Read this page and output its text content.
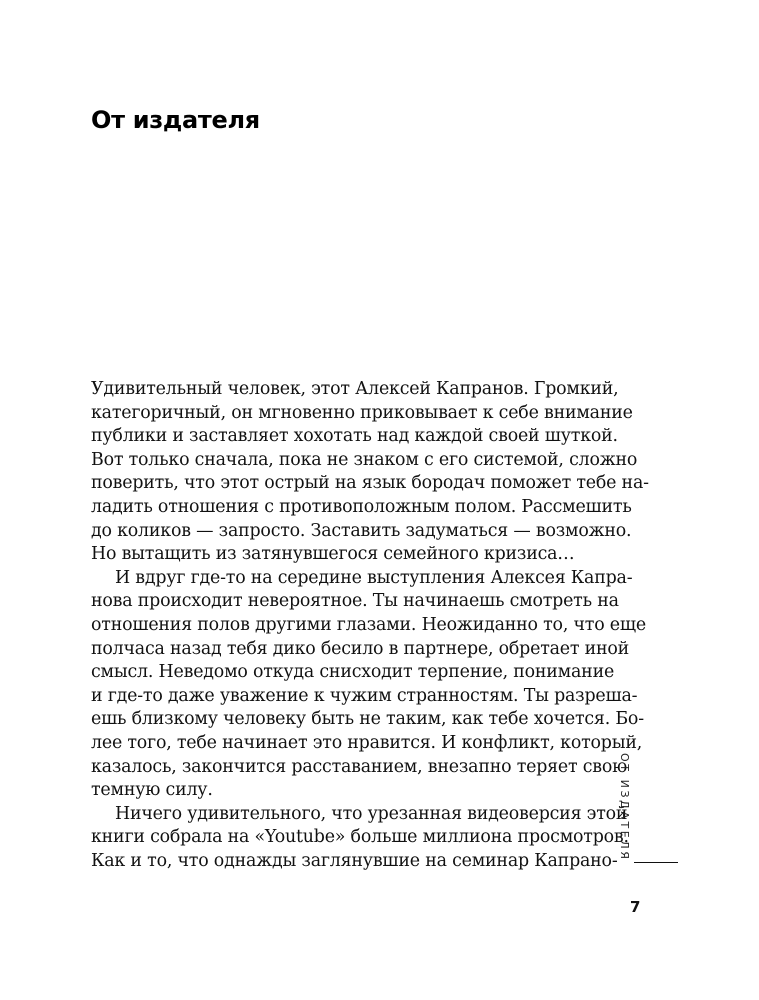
От издателя
Удивительный человек, этот Алексей Капранов. Громкий,
категоричный, он мгновенно приковывает к себе внимание
публики и заставляет хохотать над каждой своей шуткой.
Вот только сначала, пока не знаком с его системой, сложно
поверить, что этот острый на язык бородач поможет тебе на-
ладить отношения с противоположным полом. Рассмешить
до коликов — запросто. Заставить задуматься — возможно.
Но вытащить из затянувшегося семейного кризиса…
И вдруг где-то на середине выступления Алексея Капра-
нова происходит невероятное. Ты начинаешь смотреть на
отношения полов другими глазами. Неожиданно то, что еще
полчаса назад тебя дико бесило в партнере, обретает иной
смысл. Неведомо откуда снисходит терпение, понимание
и где-то даже уважение к чужим странностям. Ты разреша-
ешь близкому человеку быть не таким, как тебе хочется. Бо-
лее того, тебе начинает это нравится. И конфликт, который,
казалось, закончится расставанием, внезапно теряет свою
темную силу.
Ничего удивительного, что урезанная видеоверсия этой
книги собрала на «Youtube» больше миллиона просмотров.
Как и то, что однажды заглянувшие на семинар Капрано- ОТ ИЗДАТЕЛЯ
7
